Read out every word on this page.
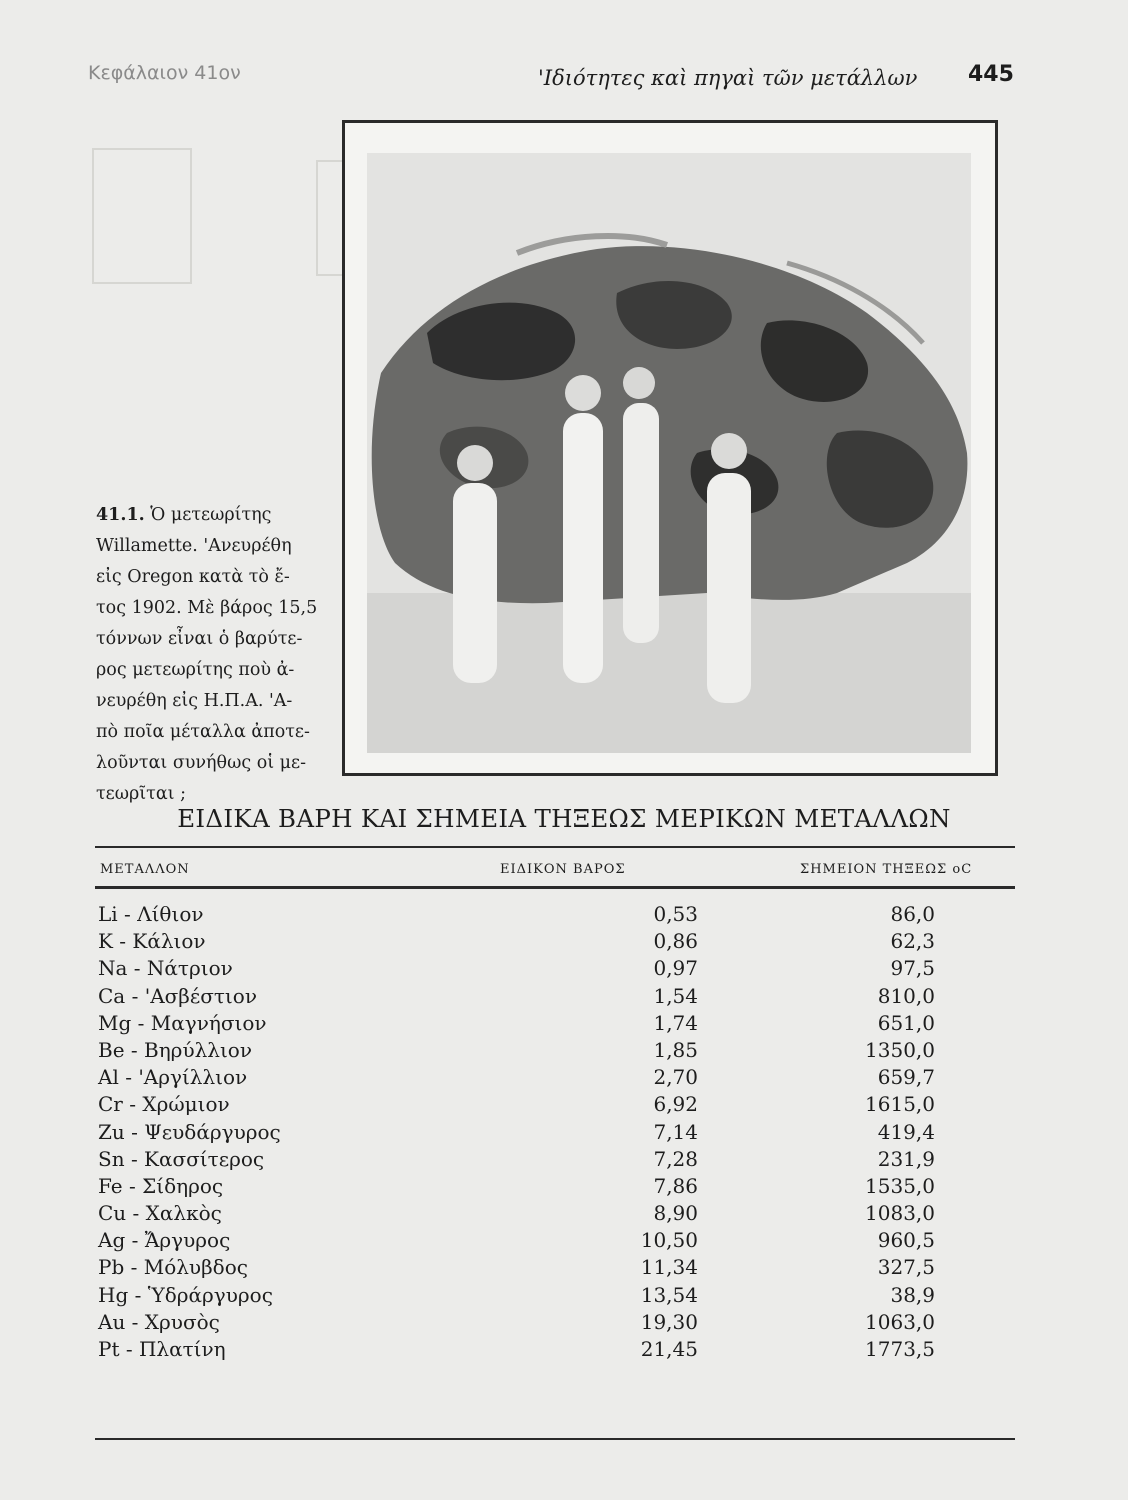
Κεφάλαιον 41ον	'Ιδιότητες καὶ πηγαὶ τῶν μετάλλων 445
41.1. Ὁ μετεωρίτης
Willamette. 'Ανευρέθη
εἰς Oregon κατὰ τὸ ἔ-
τος 1902. Μὲ βάρος 15,5
τόννων εἶναι ὁ βαρύτε-
ρος μετεωρίτης ποὺ ἀ-
νευρέθη εἰς Η.Π.Α. 'Α-
πὸ ποῖα μέταλλα ἀποτε-
λοῦνται συνήθως οἱ με-
τεωρῖται ;
ΕΙΔΙΚΑ ΒΑΡΗ ΚΑΙ ΣΗΜΕΙΑ ΤΗΞΕΩΣ ΜΕΡΙΚΩΝ ΜΕΤΑΛΛΩΝ
ΜΕΤΑΛΛΟΝ	ΕΙΔΙΚΟΝ ΒΑΡΟΣ	ΣΗΜΕΙΟΝ ΤΗΞΕΩΣ οC
Li - Λίθιον	0,53	86,0
K - Κάλιον	0,86	62,3
Na - Νάτριον	0,97	97,5
Ca - 'Ασβέστιον	1,54	810,0
Mg - Μαγνήσιον	1,74	651,0
Be - Βηρύλλιον	1,85	1350,0
Al - 'Αργίλλιον	2,70	659,7
Cr - Χρώμιον	6,92	1615,0
Zu - Ψευδάργυρος	7,14	419,4
Sn - Κασσίτερος	7,28	231,9
Fe - Σίδηρος	7,86	1535,0
Cu - Χαλκὸς	8,90	1083,0
Ag - Ἄργυρος	10,50	960,5
Pb - Μόλυβδος	11,34	327,5
Hg - Ὑδράργυρος	13,54	38,9
Au - Χρυσὸς	19,30	1063,0
Pt - Πλατίνη	21,45	1773,5
